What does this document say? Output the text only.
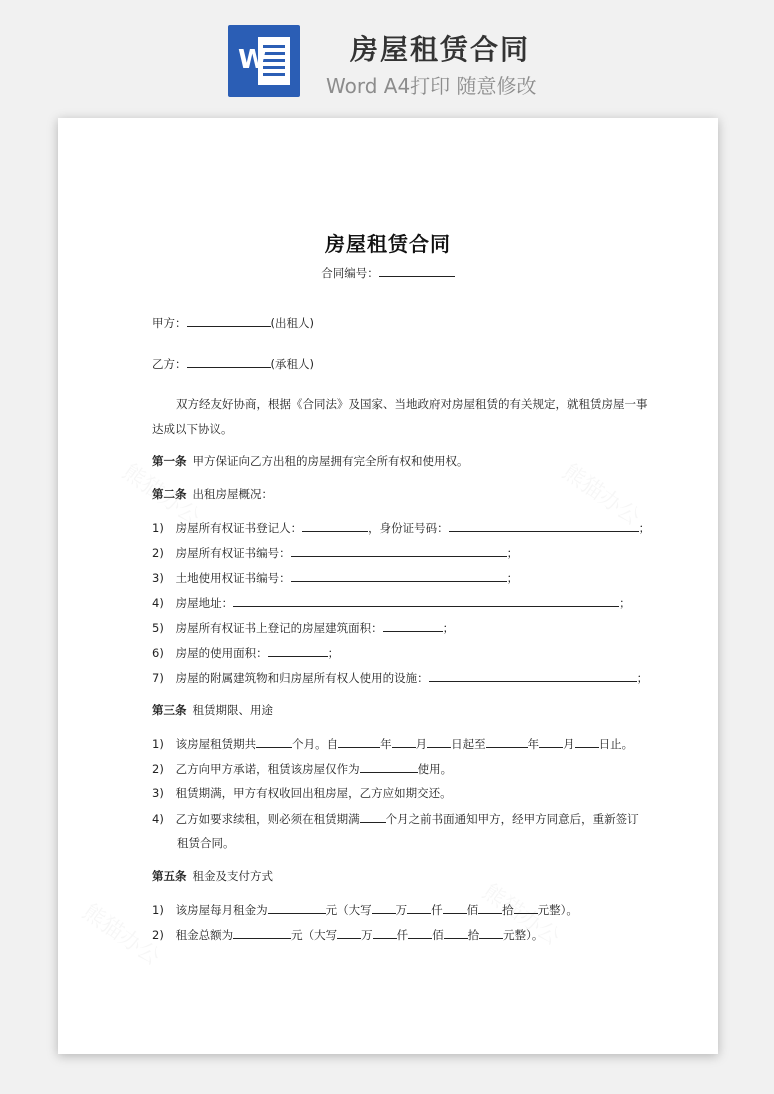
W	房屋租赁合同
Word A4打印 随意修改
房屋租赁合同
合同编号：
甲方：	(出租人)
乙方：	(承租人)
双方经友好协商，根据《合同法》及国家、当地政府对房屋租赁的有关规定，就租赁房屋一事
达成以下协议。
第一条 甲方保证向乙方出租的房屋拥有完全所有权和使用权。
第二条 出租房屋概况：
1) 房屋所有权证书登记人：	，身份证号码：	；
2) 房屋所有权证书编号：	；
3) 土地使用权证书编号：	；
4) 房屋地址：	；
5) 房屋所有权证书上登记的房屋建筑面积：	；
6) 房屋的使用面积：	；
7) 房屋的附属建筑物和归房屋所有权人使用的设施：	；
第三条 租赁期限、用途
1) 该房屋租赁期共	个月。自	年 月 日起至	年 月 日止。
2) 乙方向甲方承诺，租赁该房屋仅作为	使用。
3) 租赁期满，甲方有权收回出租房屋，乙方应如期交还。
4) 乙方如要求续租，则必须在租赁期满 个月之前书面通知甲方，经甲方同意后，重新签订
租赁合同。
第五条 租金及支付方式
1) 该房屋每月租金为	元（大写 万 仟 佰 拾 元整）。
2) 租金总额为	元（大写 万 仟 佰 拾 元整）。
